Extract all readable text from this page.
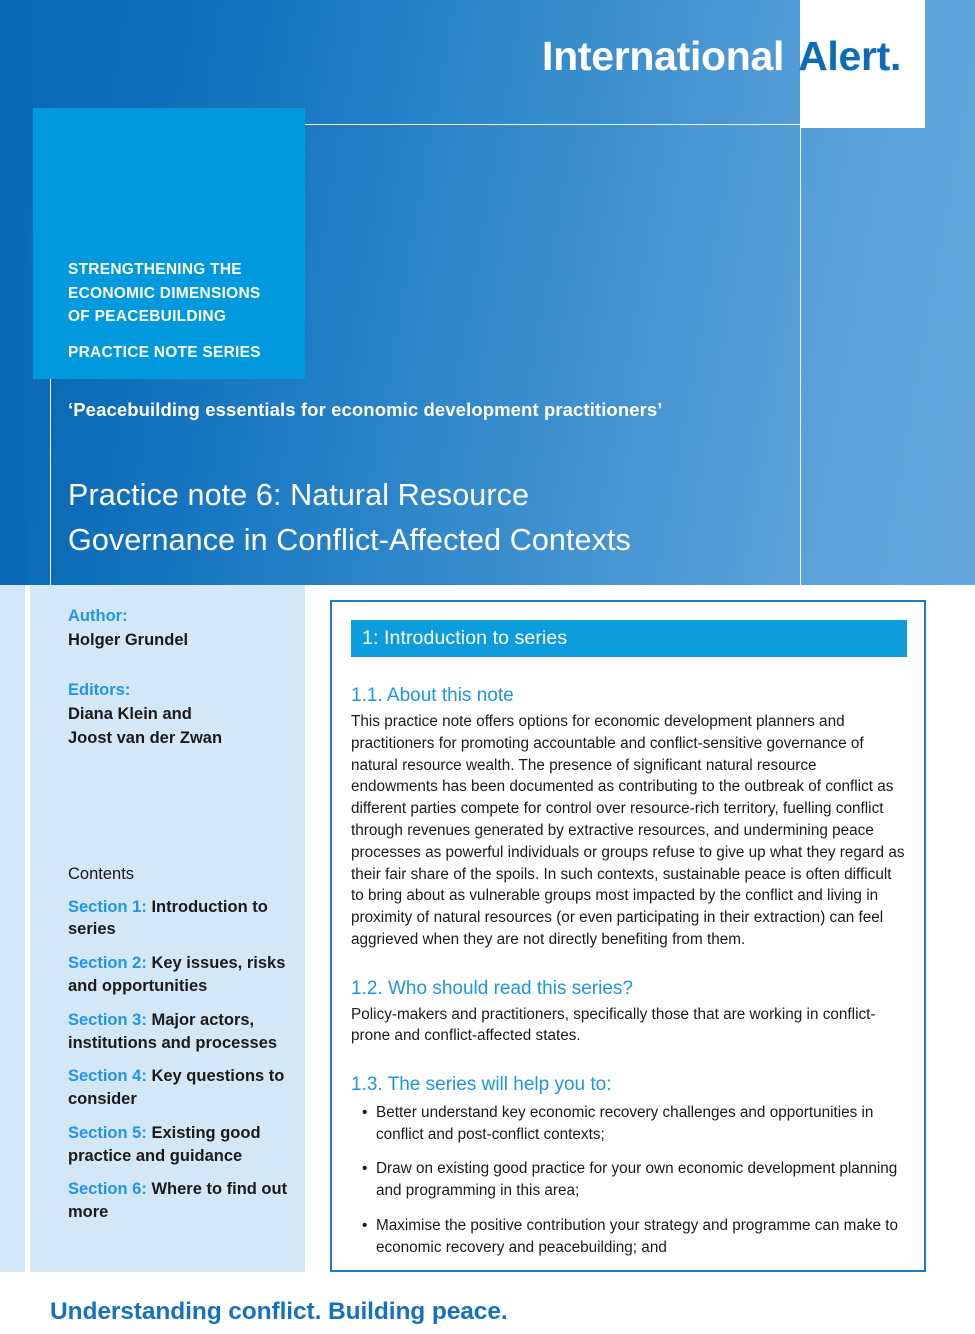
International Alert.
STRENGTHENING THE
ECONOMIC DIMENSIONS
OF PEACEBUILDING
PRACTICE NOTE SERIES
‘Peacebuilding essentials for economic development practitioners’
Practice note 6: Natural Resource
Governance in Conflict-Affected Contexts
Author:
Holger Grundel
Editors:
Diana Klein and
Joost van der Zwan
Contents
Section 1: Introduction to series
Section 2: Key issues, risks and opportunities
Section 3: Major actors, institutions and processes
Section 4: Key questions to consider
Section 5: Existing good practice and guidance
Section 6: Where to find out more
1: Introduction to series
1.1. About this note

This practice note offers options for economic development planners and practitioners for promoting accountable and conflict-sensitive governance of natural resource wealth. The presence of significant natural resource endowments has been documented as contributing to the outbreak of conflict as different parties compete for control over resource-rich territory, fuelling conflict through revenues generated by extractive resources, and undermining peace processes as powerful individuals or groups refuse to give up what they regard as their fair share of the spoils. In such contexts, sustainable peace is often difficult to bring about as vulnerable groups most impacted by the conflict and living in proximity of natural resources (or even participating in their extraction) can feel aggrieved when they are not directly benefiting from them.

1.2. Who should read this series?

Policy-makers and practitioners, specifically those that are working in conflict-prone and conflict-affected states.

1.3. The series will help you to:
• Better understand key economic recovery challenges and opportunities in conflict and post-conflict contexts;
• Draw on existing good practice for your own economic development planning and programming in this area;
• Maximise the positive contribution your strategy and programme can make to economic recovery and peacebuilding; and
Understanding conflict. Building peace.
